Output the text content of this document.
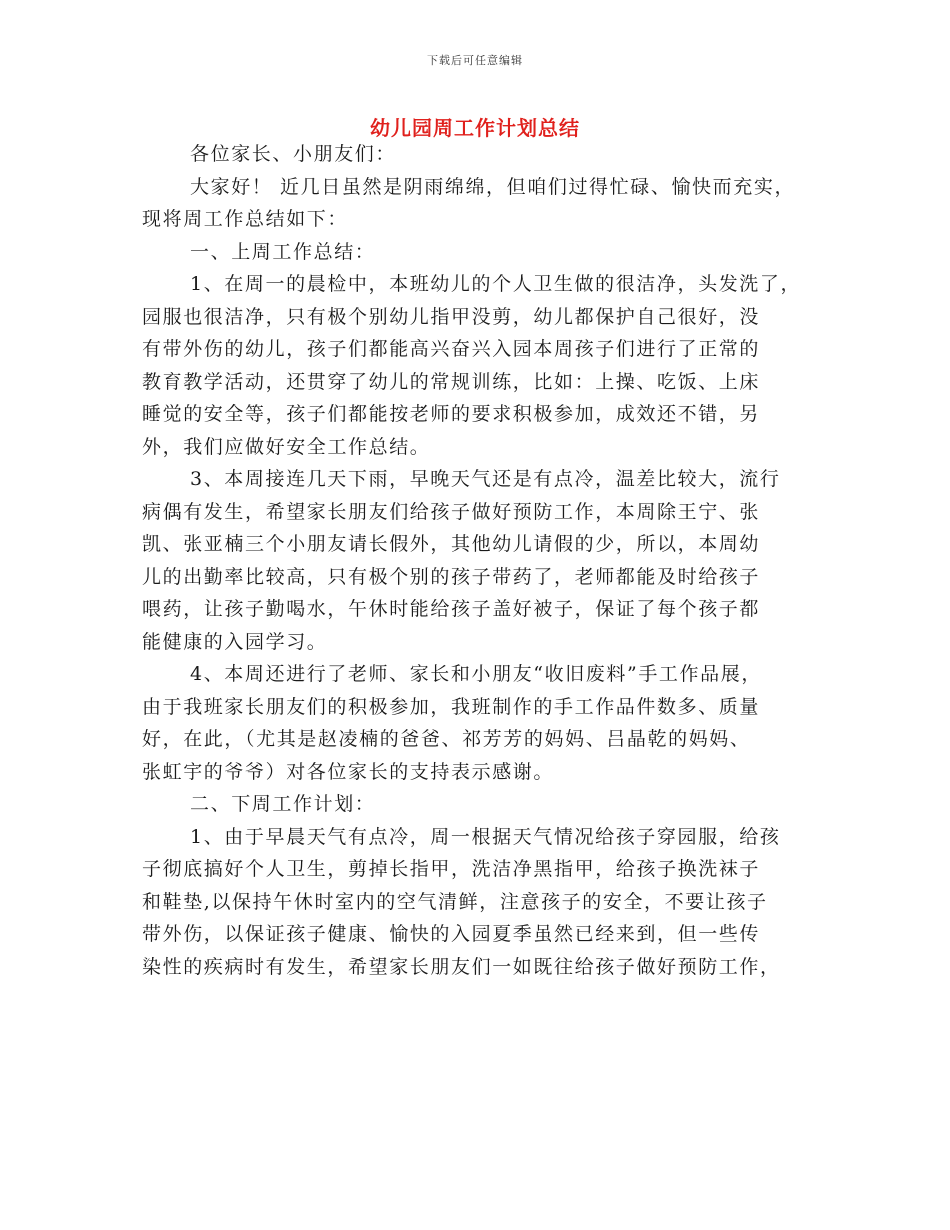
下载后可任意编辑
幼儿园周工作计划总结
各位家长、小朋友们：
大家好！ 近几日虽然是阴雨绵绵，但咱们过得忙碌、愉快而充实，
现将周工作总结如下：
一、上周工作总结：
1、在周一的晨检中，本班幼儿的个人卫生做的很洁净，头发洗了，
园服也很洁净，只有极个别幼儿指甲没剪，幼儿都保护自己很好，没
有带外伤的幼儿，孩子们都能高兴奋兴入园本周孩子们进行了正常的
教育教学活动，还贯穿了幼儿的常规训练，比如：上操、吃饭、上床
睡觉的安全等，孩子们都能按老师的要求积极参加，成效还不错，另
外，我们应做好安全工作总结。
3、本周接连几天下雨，早晚天气还是有点冷，温差比较大，流行
病偶有发生，希望家长朋友们给孩子做好预防工作，本周除王宁、张
凯、张亚楠三个小朋友请长假外，其他幼儿请假的少，所以，本周幼
儿的出勤率比较高，只有极个别的孩子带药了，老师都能及时给孩子
喂药，让孩子勤喝水，午休时能给孩子盖好被子，保证了每个孩子都
能健康的入园学习。
4、本周还进行了老师、家长和小朋友“收旧废料”手工作品展，
由于我班家长朋友们的积极参加，我班制作的手工作品件数多、质量
好，在此，（尤其是赵凌楠的爸爸、祁芳芳的妈妈、吕晶乾的妈妈、
张虹宇的爷爷）对各位家长的支持表示感谢。
二、下周工作计划：
1、由于早晨天气有点冷，周一根据天气情况给孩子穿园服，给孩
子彻底搞好个人卫生，剪掉长指甲，洗洁净黑指甲，给孩子换洗袜子
和鞋垫,以保持午休时室内的空气清鲜，注意孩子的安全，不要让孩子
带外伤，以保证孩子健康、愉快的入园夏季虽然已经来到，但一些传
染性的疾病时有发生，希望家长朋友们一如既往给孩子做好预防工作，
